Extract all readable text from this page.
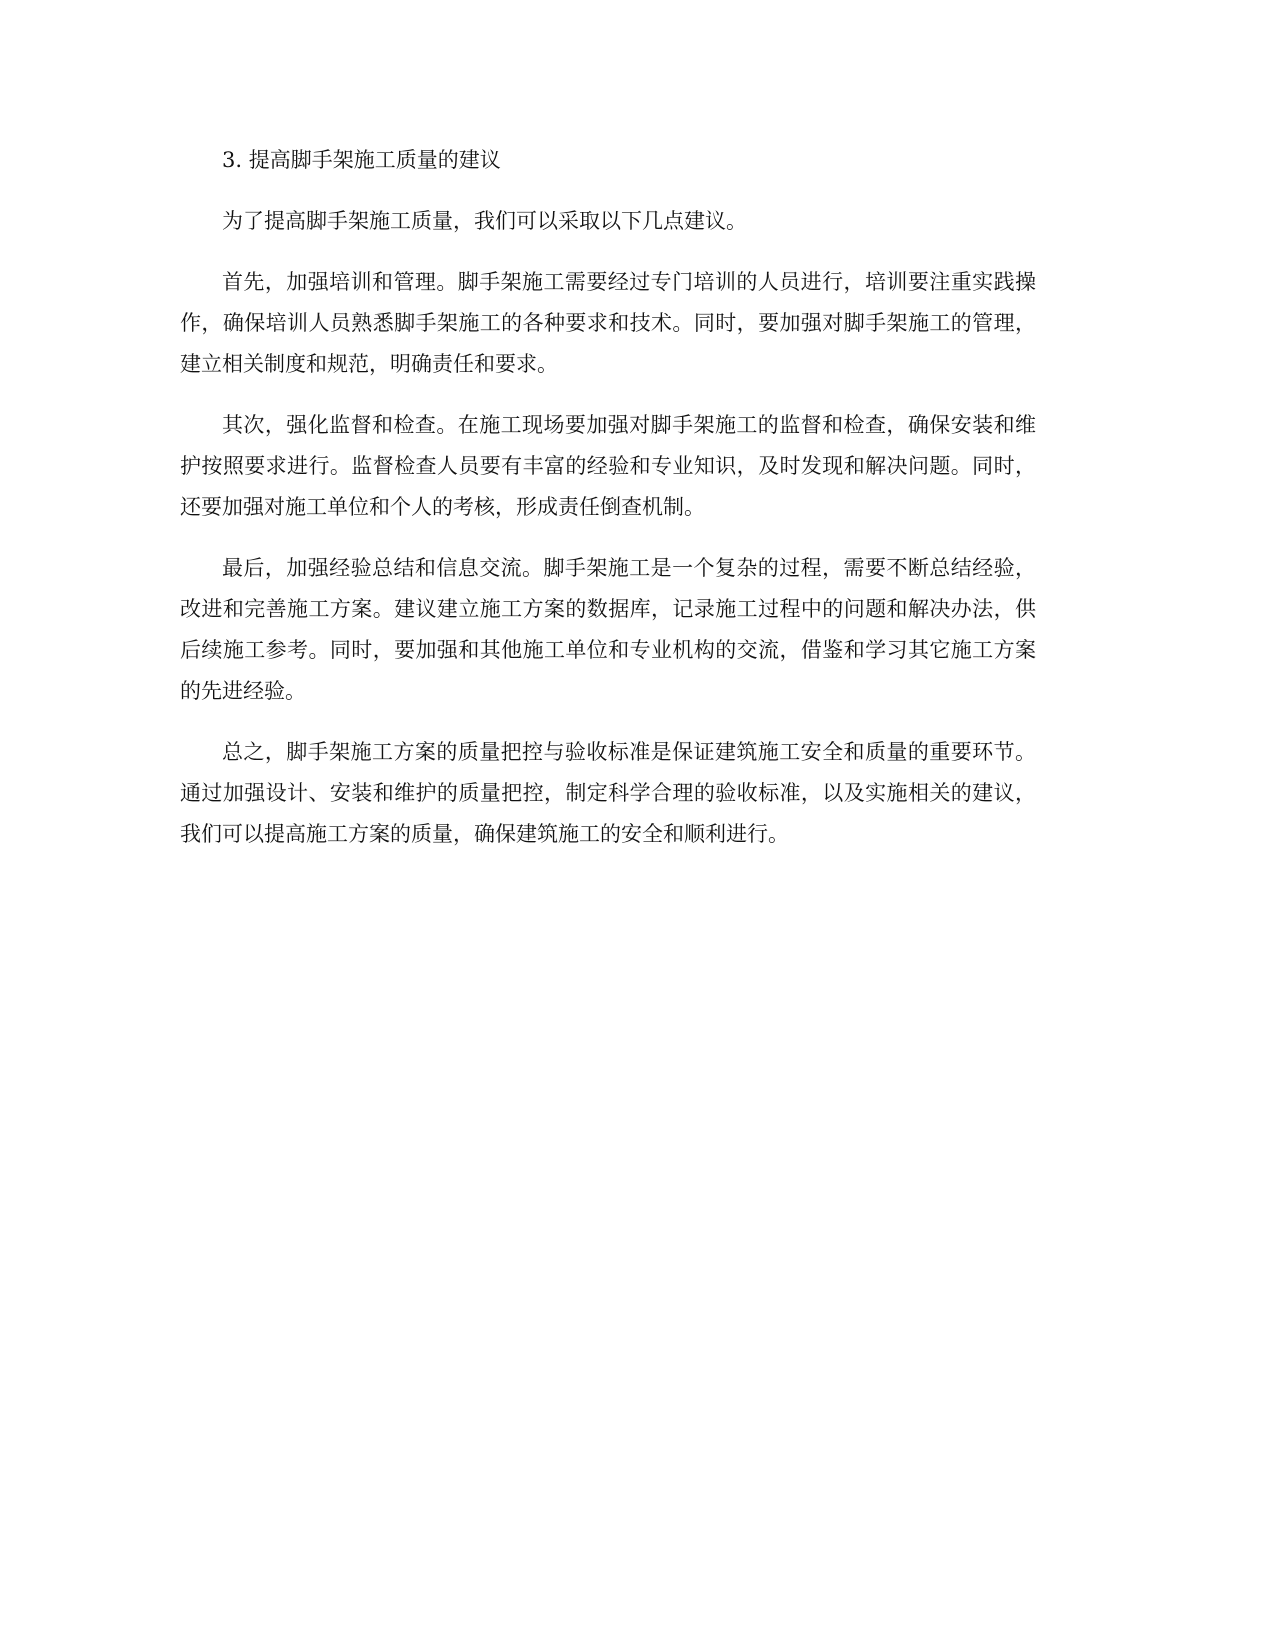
3. 提高脚手架施工质量的建议

为了提高脚手架施工质量，我们可以采取以下几点建议。

首先，加强培训和管理。脚手架施工需要经过专门培训的人员进行，培训要注重实践操作，确保培训人员熟悉脚手架施工的各种要求和技术。同时，要加强对脚手架施工的管理，建立相关制度和规范，明确责任和要求。

其次，强化监督和检查。在施工现场要加强对脚手架施工的监督和检查，确保安装和维护按照要求进行。监督检查人员要有丰富的经验和专业知识，及时发现和解决问题。同时，还要加强对施工单位和个人的考核，形成责任倒查机制。

最后，加强经验总结和信息交流。脚手架施工是一个复杂的过程，需要不断总结经验，改进和完善施工方案。建议建立施工方案的数据库，记录施工过程中的问题和解决办法，供后续施工参考。同时，要加强和其他施工单位和专业机构的交流，借鉴和学习其它施工方案的先进经验。

总之，脚手架施工方案的质量把控与验收标准是保证建筑施工安全和质量的重要环节。通过加强设计、安装和维护的质量把控，制定科学合理的验收标准，以及实施相关的建议，我们可以提高施工方案的质量，确保建筑施工的安全和顺利进行。
